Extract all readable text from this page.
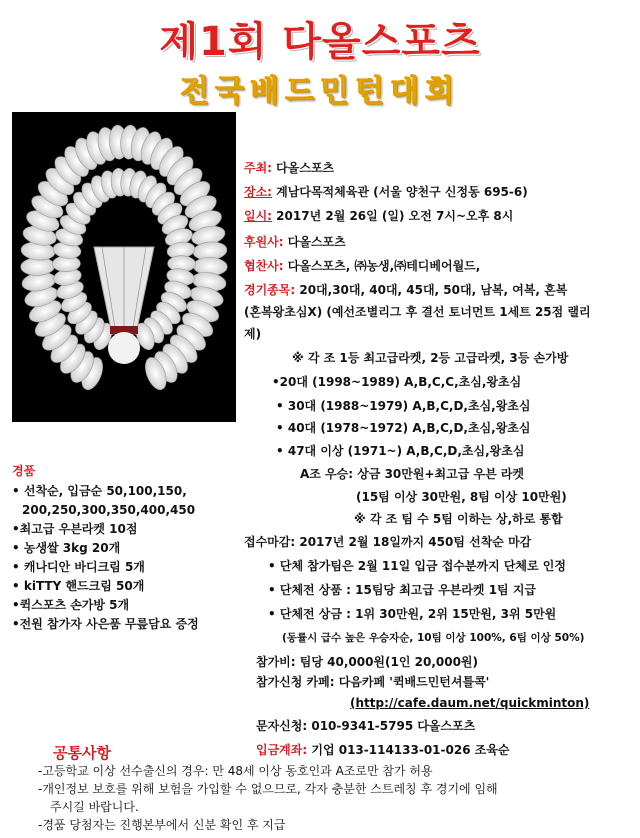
제1회 다올스포츠
전국배드민턴대회
주최: 다올스포츠
장소: 계남다목적체육관 (서울 양천구 신정동 695-6)
일시: 2017년 2월 26일 (일) 오전 7시~오후 8시
후원사: 다올스포츠
협찬사: 다올스포츠, ㈜농생,㈜테디베어월드,
경기종목: 20대,30대, 40대, 45대, 50대, 남복, 여복, 혼복
(혼복왕초심X) (예선조별리그 후 결선 토너먼트 1세트 25점 랠리
제)
※ 각 조 1등 최고급라켓, 2등 고급라켓, 3등 손가방
•20대 (1998~1989) A,B,C,C,초심,왕초심
• 30대 (1988~1979) A,B,C,D,초심,왕초심
• 40대 (1978~1972) A,B,C,D,초심,왕초심
• 47대 이상 (1971~) A,B,C,D,초심,왕초심
A조 우승: 상금 30만원+최고급 우븐 라켓
(15팀 이상 30만원, 8팀 이상 10만원)
※ 각 조 팀 수 5팀 이하는 상,하로 통합
접수마감: 2017년 2월 18일까지 450팀 선착순 마감
• 단체 참가팀은 2월 11일 입금 접수분까지 단체로 인정
• 단체전 상품 : 15팀당 최고급 우븐라켓 1팀 지급
• 단체전 상금 : 1위 30만원, 2위 15만원, 3위 5만원
(동률시 급수 높은 우승자순, 10팀 이상 100%, 6팀 이상 50%)
참가비: 팀당 40,000원(1인 20,000원)
참가신청 카페: 다음카페 '퀵배드민턴셔틀콕'
(http://cafe.daum.net/quickminton)
문자신청: 010-9341-5795 다올스포츠
입금계좌: 기업 013-114133-01-026 조육순
경품
• 선착순, 입금순 50,100,150,
200,250,300,350,400,450
•최고급 우븐라켓 10점
• 농생쌀 3kg 20개
• 캐나디안 바디크림 5개
• kiTTY 핸드크림 50개
•퀵스포츠 손가방 5개
•전원 참가자 사은품 무릎담요 증정
공통사항
-고등학교 이상 선수출신의 경우: 만 48세 이상 동호인과 A조로만 참가 허용
-개인정보 보호를 위해 보험을 가입할 수 없으므로, 각자 충분한 스트레칭 후 경기에 임해
주시길 바랍니다.
-경품 당첨자는 진행본부에서 신분 확인 후 지급
